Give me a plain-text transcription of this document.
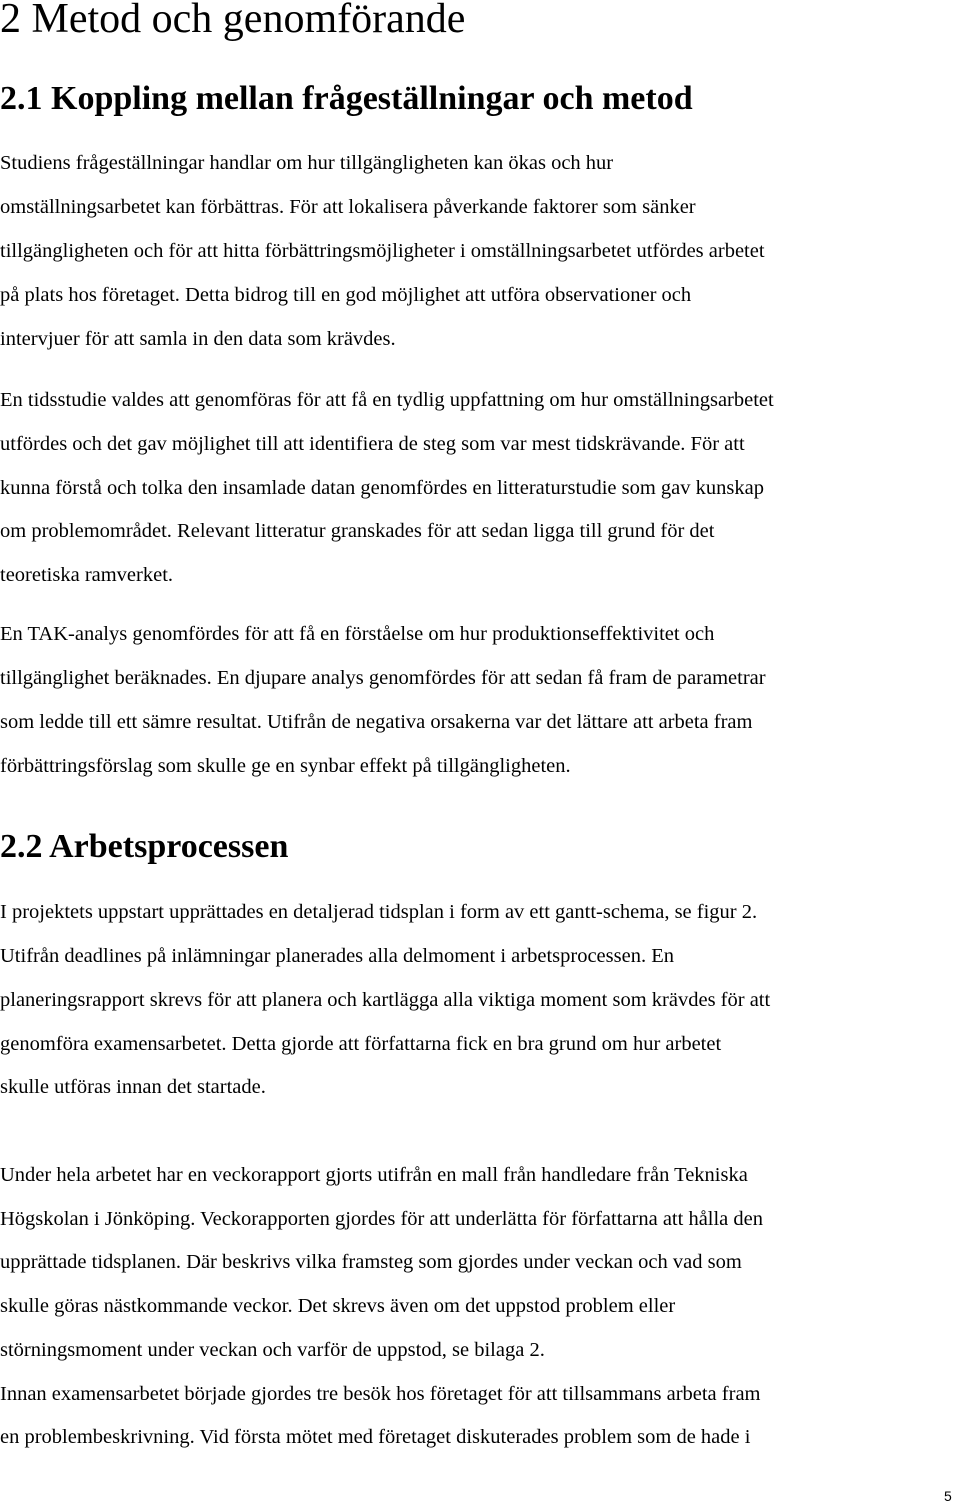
2 Metod och genomförande
2.1 Koppling mellan frågeställningar och metod

Studiens frågeställningar handlar om hur tillgängligheten kan ökas och hur

omställningsarbetet kan förbättras. För att lokalisera påverkande faktorer som sänker

tillgängligheten och för att hitta förbättringsmöjligheter i omställningsarbetet utfördes arbetet

på plats hos företaget. Detta bidrog till en god möjlighet att utföra observationer och

intervjuer för att samla in den data som krävdes.

En tidsstudie valdes att genomföras för att få en tydlig uppfattning om hur omställningsarbetet

utfördes och det gav möjlighet till att identifiera de steg som var mest tidskrävande. För att

kunna förstå och tolka den insamlade datan genomfördes en litteraturstudie som gav kunskap

om problemområdet. Relevant litteratur granskades för att sedan ligga till grund för det

teoretiska ramverket.

En TAK-analys genomfördes för att få en förståelse om hur produktionseffektivitet och

tillgänglighet beräknades. En djupare analys genomfördes för att sedan få fram de parametrar

som ledde till ett sämre resultat. Utifrån de negativa orsakerna var det lättare att arbeta fram

förbättringsförslag som skulle ge en synbar effekt på tillgängligheten.

2.2 Arbetsprocessen

I projektets uppstart upprättades en detaljerad tidsplan i form av ett gantt-schema, se figur 2.

Utifrån deadlines på inlämningar planerades alla delmoment i arbetsprocessen. En

planeringsrapport skrevs för att planera och kartlägga alla viktiga moment som krävdes för att

genomföra examensarbetet. Detta gjorde att författarna fick en bra grund om hur arbetet

skulle utföras innan det startade.

Under hela arbetet har en veckorapport gjorts utifrån en mall från handledare från Tekniska

Högskolan i Jönköping. Veckorapporten gjordes för att underlätta för författarna att hålla den

upprättade tidsplanen. Där beskrivs vilka framsteg som gjordes under veckan och vad som

skulle göras nästkommande veckor. Det skrevs även om det uppstod problem eller

störningsmoment under veckan och varför de uppstod, se bilaga 2.

Innan examensarbetet började gjordes tre besök hos företaget för att tillsammans arbeta fram

en problembeskrivning. Vid första mötet med företaget diskuterades problem som de hade i

5
